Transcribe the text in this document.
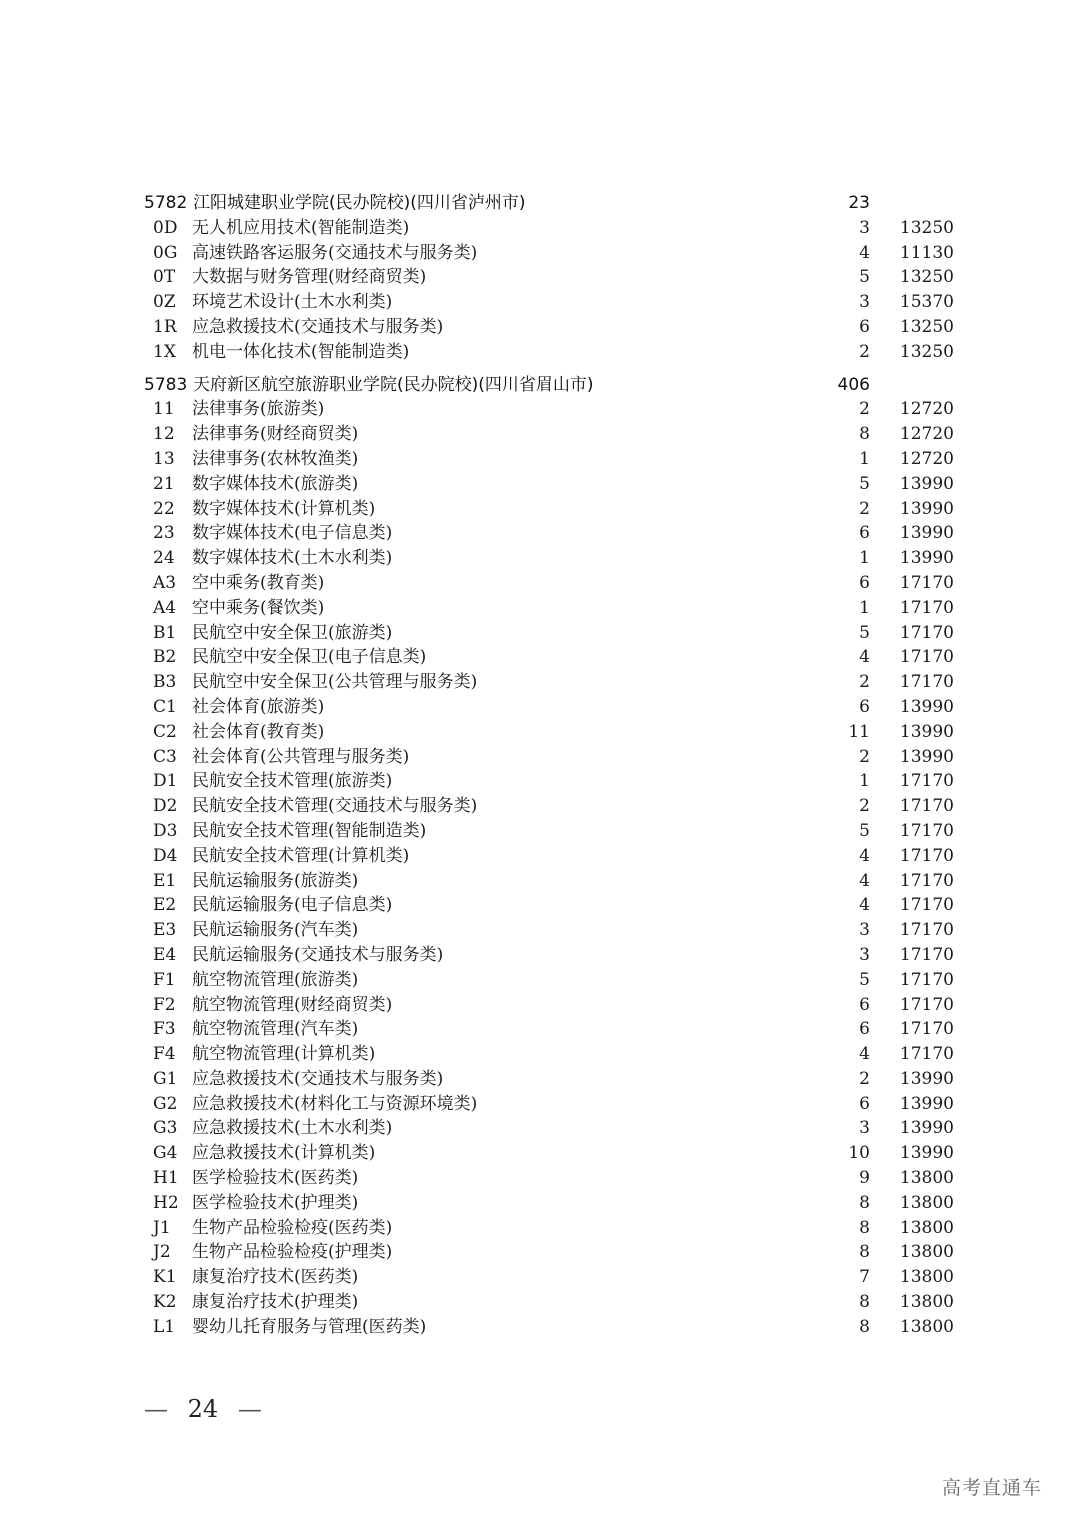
5782 江阳城建职业学院(民办院校)(四川省泸州市)	23
0D 无人机应用技术(智能制造类)	3	13250
0G 高速铁路客运服务(交通技术与服务类)	4	11130
0T 大数据与财务管理(财经商贸类)	5	13250
0Z 环境艺术设计(土木水利类)	3	15370
1R 应急救援技术(交通技术与服务类)	6	13250
1X 机电一体化技术(智能制造类)	2	13250
5783 天府新区航空旅游职业学院(民办院校)(四川省眉山市)	406
11 法律事务(旅游类)	2	12720
12 法律事务(财经商贸类)	8	12720
13 法律事务(农林牧渔类)	1	12720
21 数字媒体技术(旅游类)	5	13990
22 数字媒体技术(计算机类)	2	13990
23 数字媒体技术(电子信息类)	6	13990
24 数字媒体技术(土木水利类)	1	13990
A3 空中乘务(教育类)	6	17170
A4 空中乘务(餐饮类)	1	17170
B1 民航空中安全保卫(旅游类)	5	17170
B2 民航空中安全保卫(电子信息类)	4	17170
B3 民航空中安全保卫(公共管理与服务类)	2	17170
C1 社会体育(旅游类)	6	13990
C2 社会体育(教育类)	11	13990
C3 社会体育(公共管理与服务类)	2	13990
D1 民航安全技术管理(旅游类)	1	17170
D2 民航安全技术管理(交通技术与服务类)	2	17170
D3 民航安全技术管理(智能制造类)	5	17170
D4 民航安全技术管理(计算机类)	4	17170
E1 民航运输服务(旅游类)	4	17170
E2 民航运输服务(电子信息类)	4	17170
E3 民航运输服务(汽车类)	3	17170
E4 民航运输服务(交通技术与服务类)	3	17170
F1 航空物流管理(旅游类)	5	17170
F2 航空物流管理(财经商贸类)	6	17170
F3 航空物流管理(汽车类)	6	17170
F4 航空物流管理(计算机类)	4	17170
G1 应急救援技术(交通技术与服务类)	2	13990
G2 应急救援技术(材料化工与资源环境类)	6	13990
G3 应急救援技术(土木水利类)	3	13990
G4 应急救援技术(计算机类)	10	13990
H1 医学检验技术(医药类)	9	13800
H2 医学检验技术(护理类)	8	13800
J1 生物产品检验检疫(医药类)	8	13800
J2 生物产品检验检疫(护理类)	8	13800
K1 康复治疗技术(医药类)	7	13800
K2 康复治疗技术(护理类)	8	13800
L1 婴幼儿托育服务与管理(医药类)	8	13800
— 24 —
高考直通车
